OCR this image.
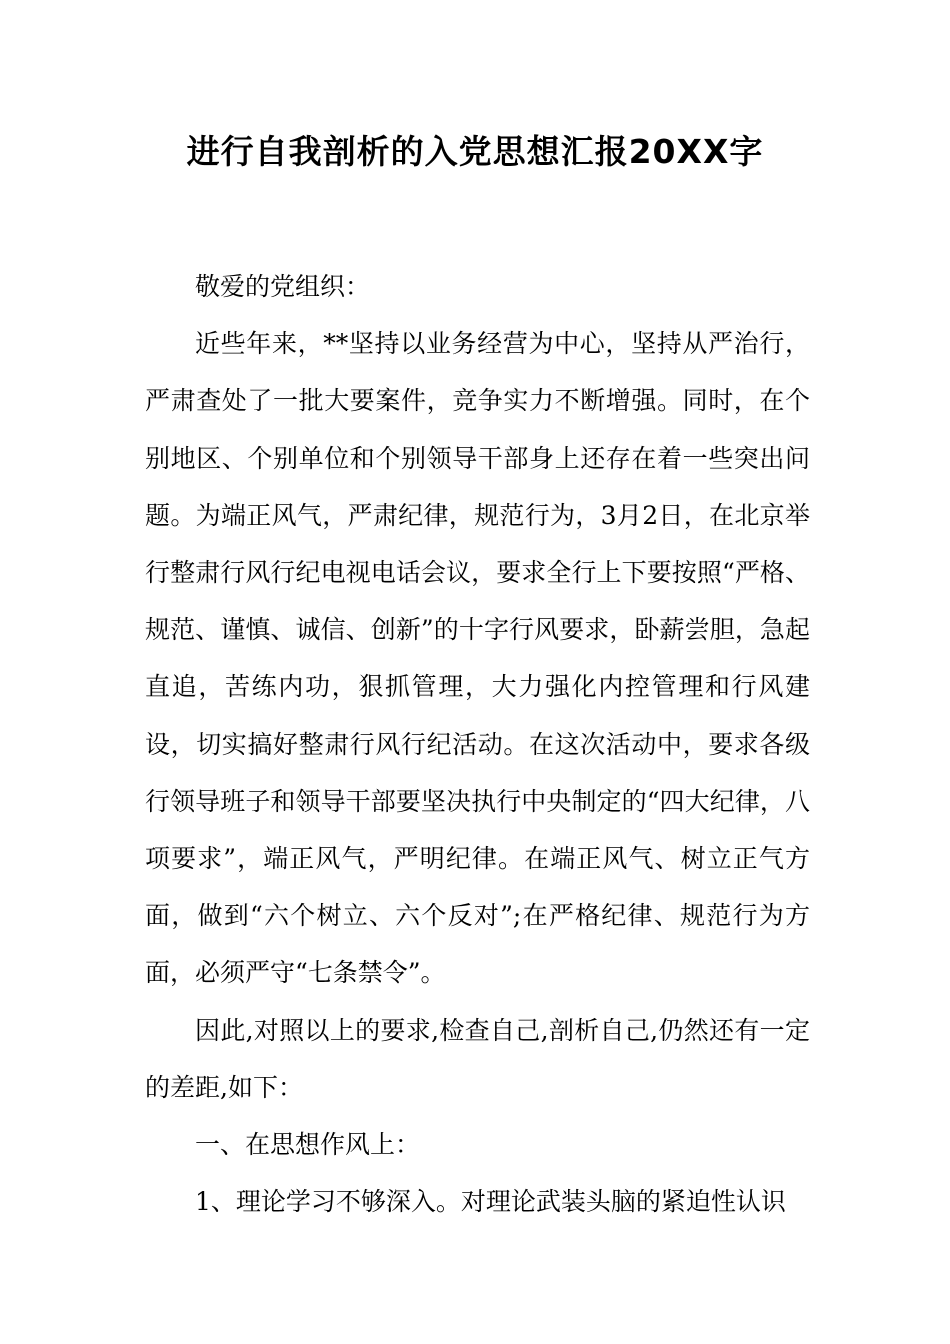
进行自我剖析的入党思想汇报20XX字

敬爱的党组织：

近些年来，**坚持以业务经营为中心，坚持从严治行，严肃查处了一批大要案件，竞争实力不断增强。同时，在个别地区、个别单位和个别领导干部身上还存在着一些突出问题。为端正风气，严肃纪律，规范行为，3月2日，在北京举行整肃行风行纪电视电话会议，要求全行上下要按照“严格、规范、谨慎、诚信、创新”的十字行风要求，卧薪尝胆，急起直追，苦练内功，狠抓管理，大力强化内控管理和行风建设，切实搞好整肃行风行纪活动。在这次活动中，要求各级行领导班子和领导干部要坚决执行中央制定的“四大纪律，八项要求”，端正风气，严明纪律。在端正风气、树立正气方面，做到“六个树立、六个反对”;在严格纪律、规范行为方面，必须严守“七条禁令”。

因此,对照以上的要求,检查自己,剖析自己,仍然还有一定的差距,如下：

一、在思想作风上：

1、理论学习不够深入。对理论武装头脑的紧迫性认识
